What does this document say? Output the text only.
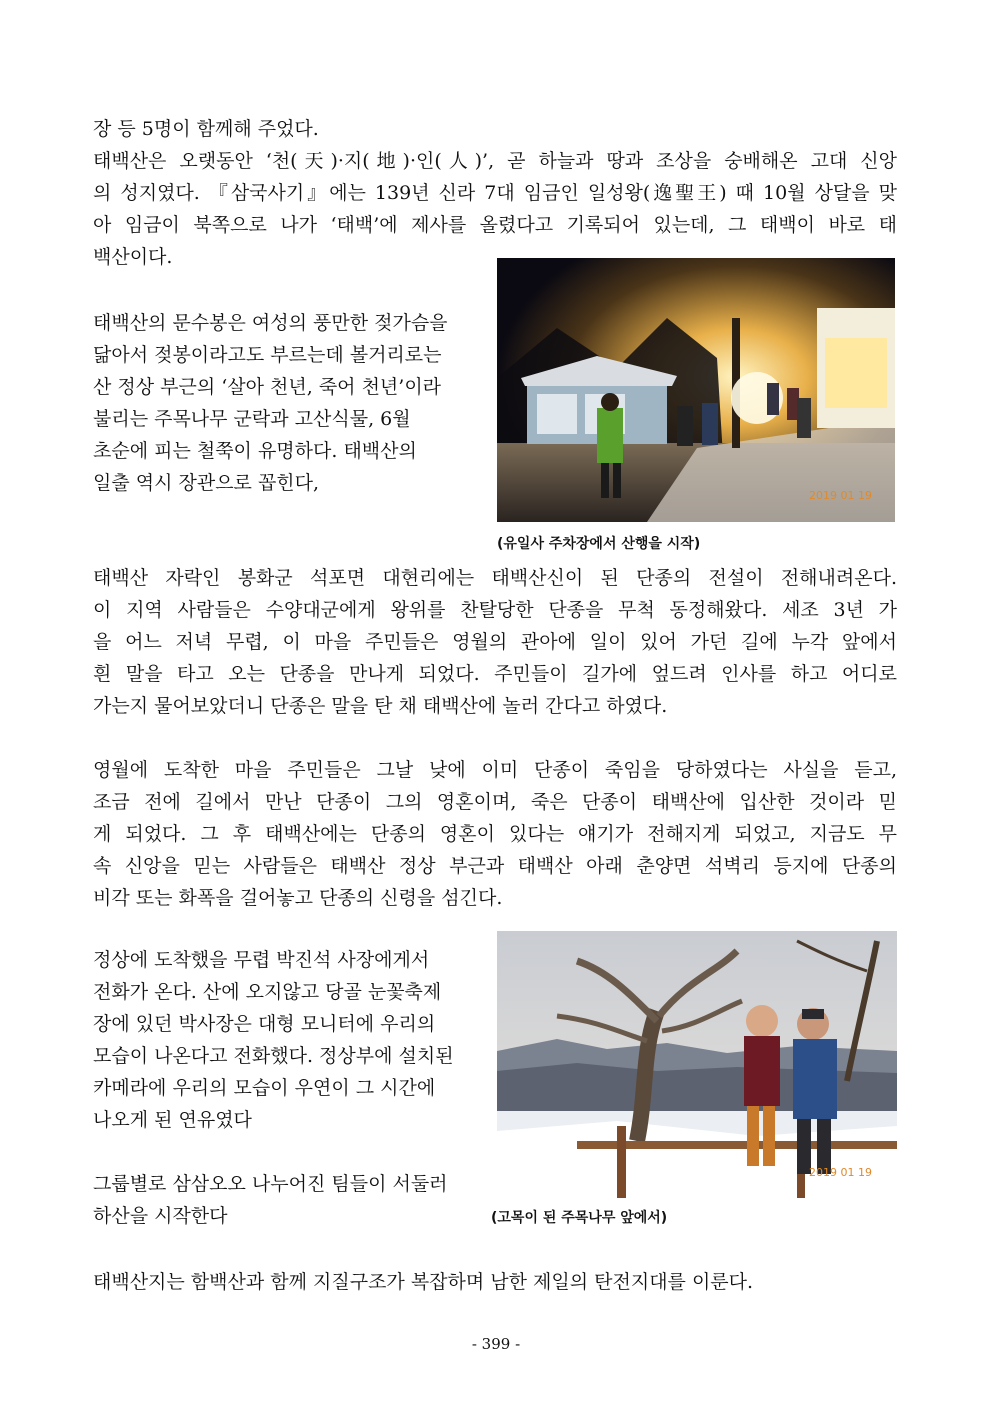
장 등 5명이 함께해 주었다.
태백산은 오랫동안 ‘천(天)·지(地)·인(人)’, 곧 하늘과 땅과 조상을 숭배해온 고대 신앙
의 성지였다. 『삼국사기』에는 139년 신라 7대 임금인 일성왕(逸聖王) 때 10월 상달을 맞
아 임금이 북쪽으로 나가 ‘태백’에 제사를 올렸다고 기록되어 있는데, 그 태백이 바로 태
백산이다.
태백산의 문수봉은 여성의 풍만한 젖가슴을
닮아서 젖봉이라고도 부르는데 볼거리로는
산 정상 부근의 ‘살아 천년, 죽어 천년’이라
불리는 주목나무 군락과 고산식물, 6월
초순에 피는 철쭉이 유명하다. 태백산의
일출 역시 장관으로 꼽힌다,
2019 01 19
(유일사 주차장에서 산행을 시작)
태백산 자락인 봉화군 석포면 대현리에는 태백산신이 된 단종의 전설이 전해내려온다.
이 지역 사람들은 수양대군에게 왕위를 찬탈당한 단종을 무척 동정해왔다. 세조 3년 가
을 어느 저녁 무렵, 이 마을 주민들은 영월의 관아에 일이 있어 가던 길에 누각 앞에서
흰 말을 타고 오는 단종을 만나게 되었다. 주민들이 길가에 엎드려 인사를 하고 어디로
가는지 물어보았더니 단종은 말을 탄 채 태백산에 놀러 간다고 하였다.
영월에 도착한 마을 주민들은 그날 낮에 이미 단종이 죽임을 당하였다는 사실을 듣고,
조금 전에 길에서 만난 단종이 그의 영혼이며, 죽은 단종이 태백산에 입산한 것이라 믿
게 되었다. 그 후 태백산에는 단종의 영혼이 있다는 얘기가 전해지게 되었고, 지금도 무
속 신앙을 믿는 사람들은 태백산 정상 부근과 태백산 아래 춘양면 석벽리 등지에 단종의
비각 또는 화폭을 걸어놓고 단종의 신령을 섬긴다.
정상에 도착했을 무렵 박진석 사장에게서
전화가 온다. 산에 오지않고 당골 눈꽃축제
장에 있던 박사장은 대형 모니터에 우리의
모습이 나온다고 전화했다. 정상부에 설치된
카메라에 우리의 모습이 우연이 그 시간에
나오게 된 연유였다
그룹별로 삼삼오오 나누어진 팀들이 서둘러
하산을 시작한다
2019 01 19
(고목이 된 주목나무 앞에서)
태백산지는 함백산과 함께 지질구조가 복잡하며 남한 제일의 탄전지대를 이룬다.
- 399 -
